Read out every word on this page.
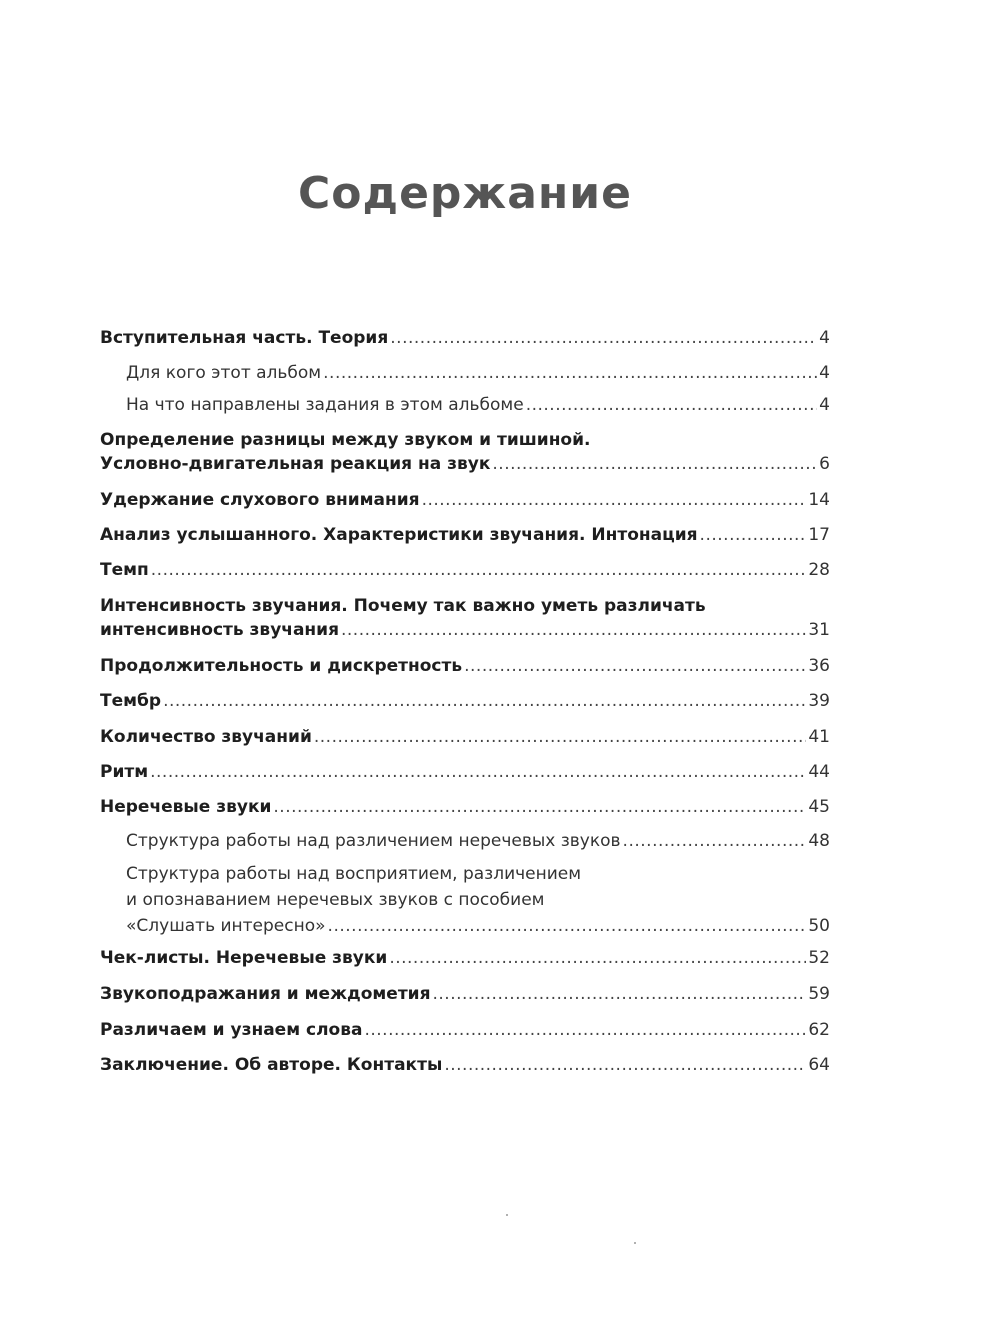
Содержание
Вступительная часть. Теория .....	4
Для кого этот альбом .....	4
На что направлены задания в этом альбоме .....	4
Определение разницы между звуком и тишиной.
Условно-двигательная реакция на звук .....	6
Удержание слухового внимания .....	14
Анализ услышанного. Характеристики звучания. Интонация .....	17
Темп .....	28
Интенсивность звучания. Почему так важно уметь различать
интенсивность звучания .....	31
Продолжительность и дискретность .....	36
Тембр .....	39
Количество звучаний .....	41
Ритм .....	44
Неречевые звуки .....	45
Структура работы над различением неречевых звуков .....	48
Структура работы над восприятием, различением
и опознаванием неречевых звуков с пособием
«Слушать интересно» .....	50
Чек-листы. Неречевые звуки .....	52
Звукоподражания и междометия .....	59
Различаем и узнаем слова .....	62
Заключение. Об авторе. Контакты .....	64
